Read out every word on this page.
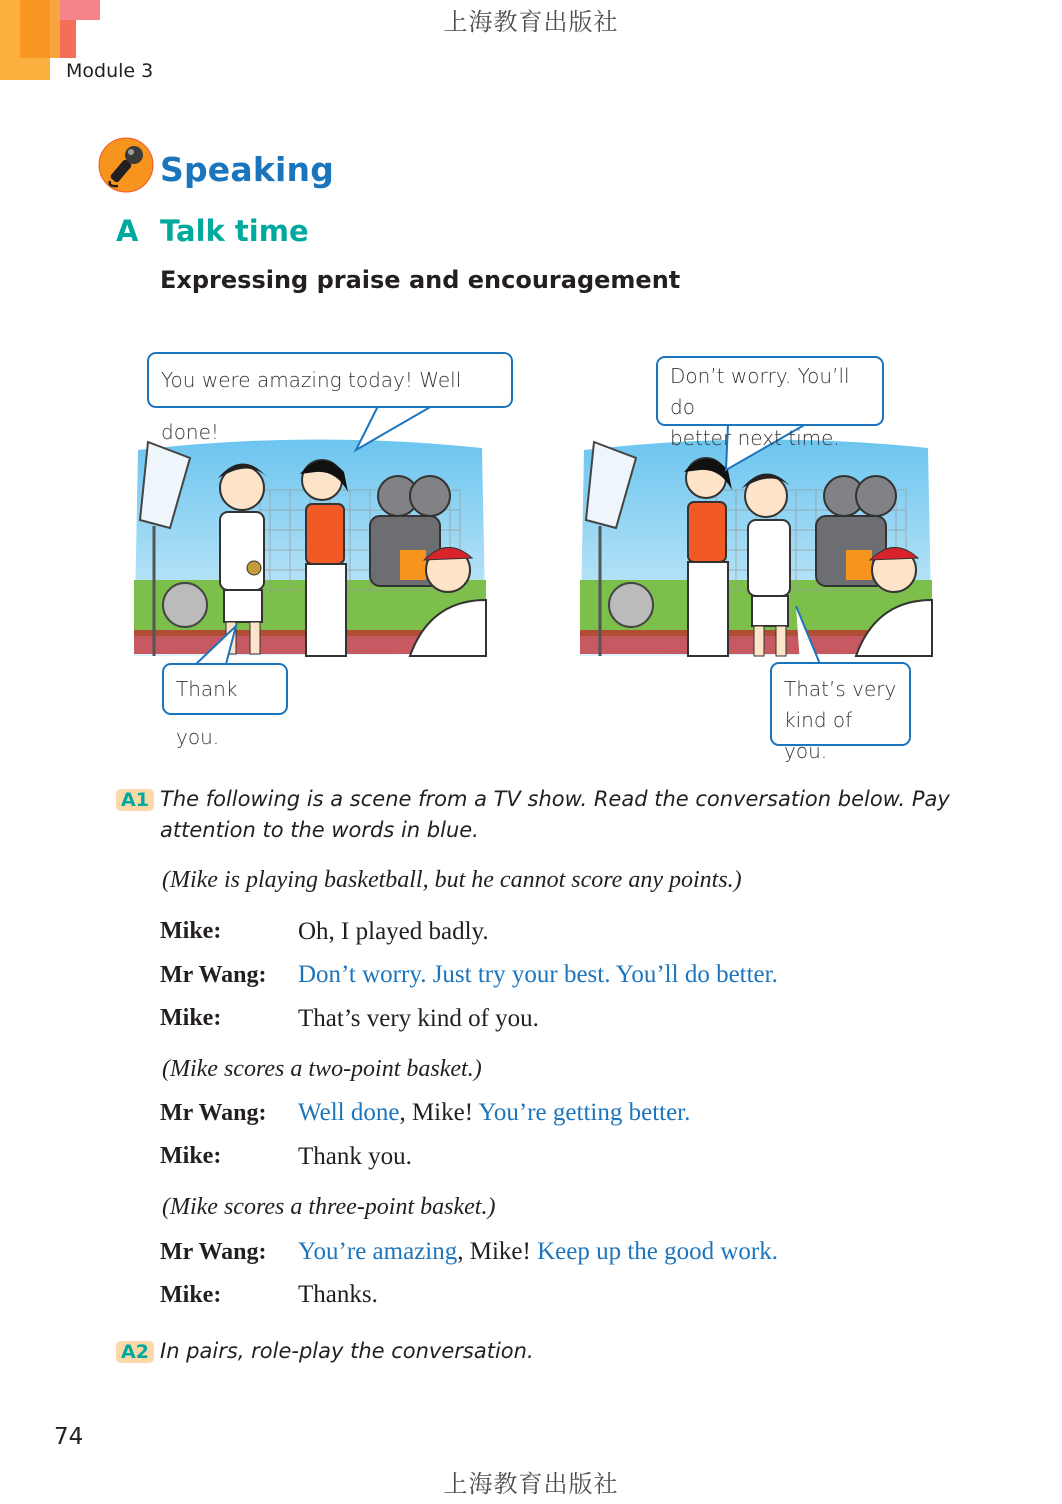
上海教育出版社
Module 3
Speaking
A Talk time
Expressing praise and encouragement
You were amazing today! Well done!
Don’t worry. You’ll do
better next time.
Thank you.
That’s very
kind of you.
A1 The following is a scene from a TV show. Read the conversation below. Pay
attention to the words in blue.
(Mike is playing basketball, but he cannot score any points.)
Mike:	Oh, I played badly.
Mr Wang: Don’t worry. Just try your best. You’ll do better.
Mike:	That’s very kind of you.
(Mike scores a two-point basket.)
Mr Wang: Well done, Mike! You’re getting better.
Mike:	Thank you.
(Mike scores a three-point basket.)
Mr Wang: You’re amazing, Mike! Keep up the good work.
Mike:	Thanks.
A2 In pairs, role-play the conversation.
74
上海教育出版社
